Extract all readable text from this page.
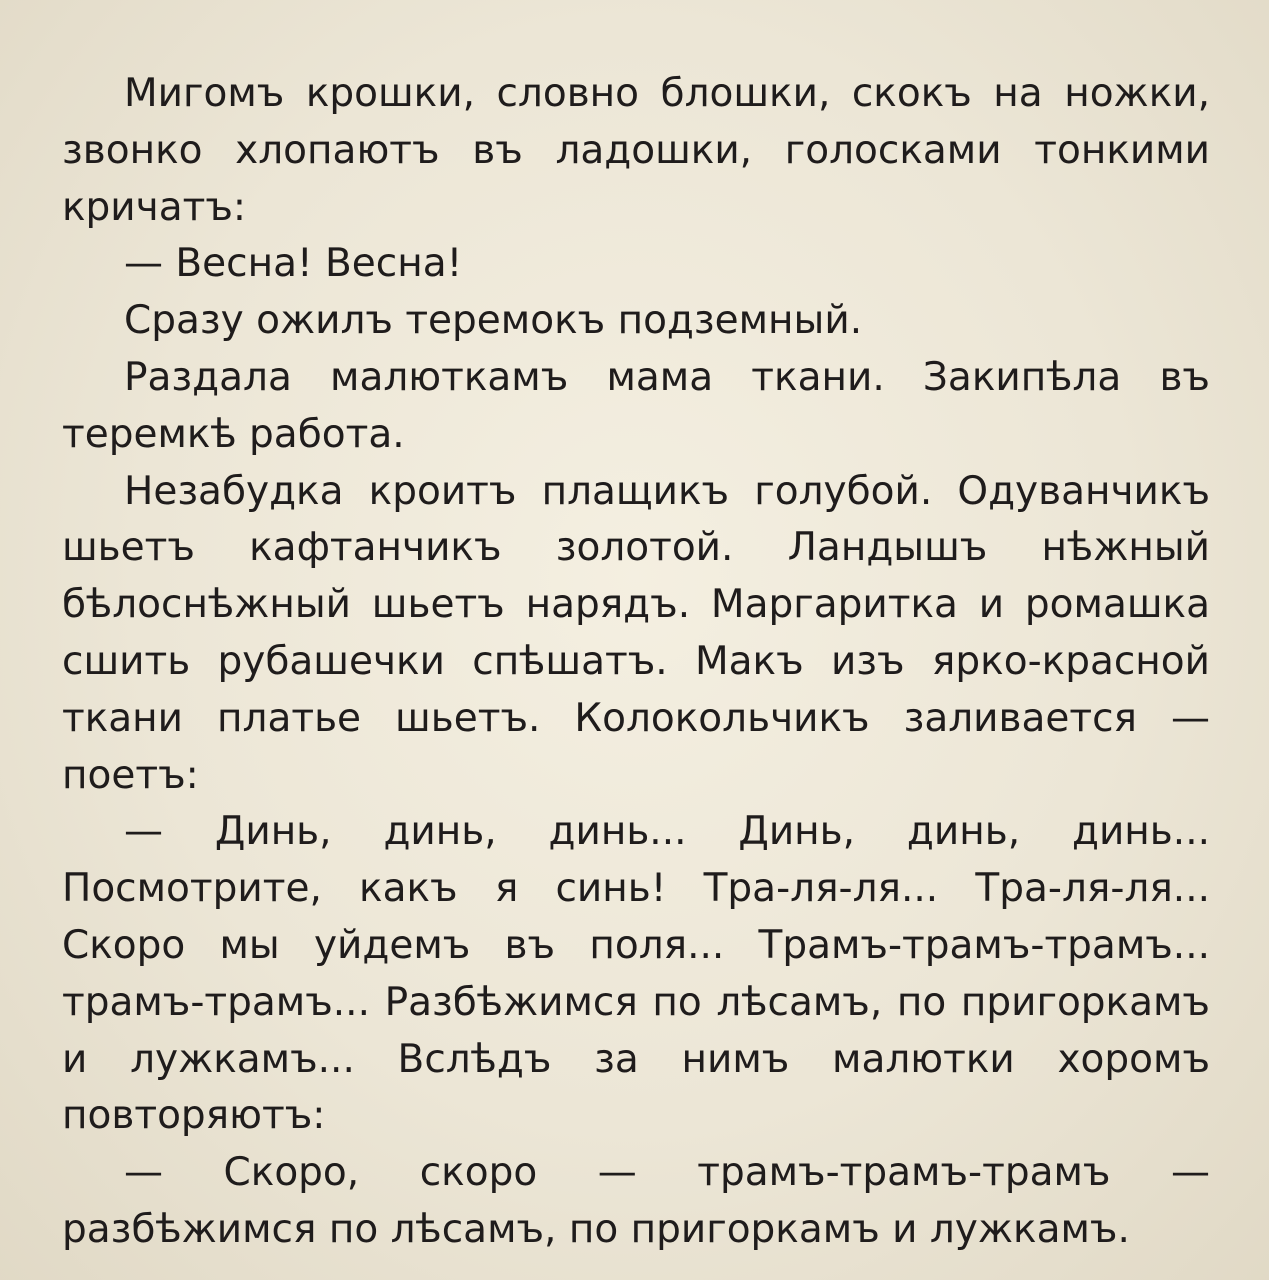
Мигомъ крошки, словно блошки, скокъ на ножки, звонко хлопаютъ въ ладошки, голосками тонкими кричатъ:

— Весна! Весна!

Сразу ожилъ теремокъ подземный.

Раздала малюткамъ мама ткани. Закипѣла въ теремкѣ работа.

Незабудка кроитъ плащикъ голубой. Одуванчикъ шьетъ кафтанчикъ золотой. Ландышъ нѣжный бѣлоснѣжный шьетъ нарядъ. Маргаритка и ромашка сшить рубашечки спѣшатъ. Макъ изъ ярко-красной ткани платье шьетъ. Колокольчикъ заливается — поетъ:

— Динь, динь, динь... Динь, динь, динь... Посмотрите, какъ я синь! Тра-ля-ля... Тра-ля-ля... Скоро мы уйдемъ въ поля... Трамъ-трамъ-трамъ... трамъ-трамъ... Разбѣжимся по лѣсамъ, по пригоркамъ и лужкамъ... Вслѣдъ за нимъ малютки хоромъ повторяютъ:

— Скоро, скоро — трамъ-трамъ-трамъ — разбѣжимся по лѣсамъ, по пригоркамъ и лужкамъ.
